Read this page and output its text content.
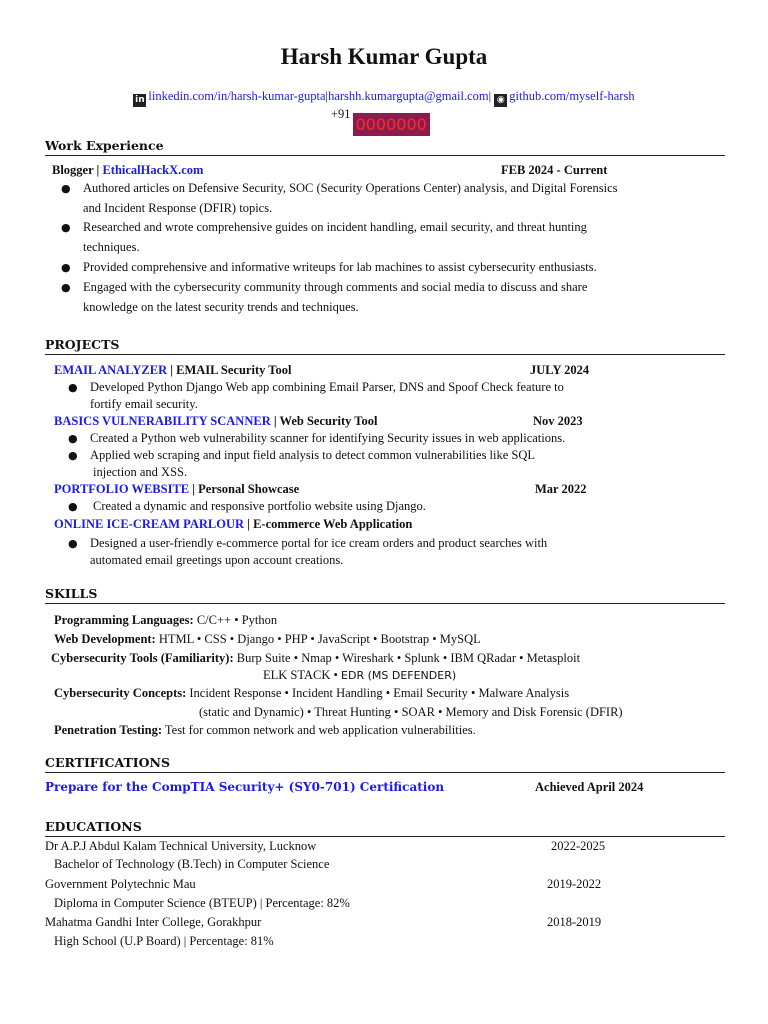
Harsh Kumar Gupta
in linkedin.com/in/harsh-kumar-gupta|harshh.kumargupta@gmail.com| ◉ github.com/myself-harsh
+910000000
Work Experience
Blogger | EthicalHackX.com	FEB 2024 - Current
● Authored articles on Defensive Security, SOC (Security Operations Center) analysis, and Digital Forensics
and Incident Response (DFIR) topics.
● Researched and wrote comprehensive guides on incident handling, email security, and threat hunting
techniques.
● Provided comprehensive and informative writeups for lab machines to assist cybersecurity enthusiasts.
● Engaged with the cybersecurity community through comments and social media to discuss and share
knowledge on the latest security trends and techniques.
PROJECTS
EMAIL ANALYZER | EMAIL Security Tool	JULY 2024
● Developed Python Django Web app combining Email Parser, DNS and Spoof Check feature to
fortify email security.
BASICS VULNERABILITY SCANNER | Web Security Tool	Nov 2023
● Created a Python web vulnerability scanner for identifying Security issues in web applications.
● Applied web scraping and input field analysis to detect common vulnerabilities like SQL
injection and XSS.
PORTFOLIO WEBSITE | Personal Showcase	Mar 2022
● Created a dynamic and responsive portfolio website using Django.
ONLINE ICE-CREAM PARLOUR | E-commerce Web Application
● Designed a user-friendly e-commerce portal for ice cream orders and product searches with
automated email greetings upon account creations.
SKILLS
Programming Languages: C/C++ • Python
Web Development: HTML • CSS • Django • PHP • JavaScript • Bootstrap • MySQL
Cybersecurity Tools (Familiarity): Burp Suite • Nmap • Wireshark • Splunk • IBM QRadar • Metasploit
ELK STACK • EDR (MS DEFENDER)
Cybersecurity Concepts: Incident Response • Incident Handling • Email Security • Malware Analysis
(static and Dynamic) • Threat Hunting • SOAR • Memory and Disk Forensic (DFIR)
Penetration Testing: Test for common network and web application vulnerabilities.
CERTIFICATIONS
Prepare for the CompTIA Security+ (SY0-701) Certification	Achieved April 2024
EDUCATIONS
Dr A.P.J Abdul Kalam Technical University, Lucknow	2022-2025
Bachelor of Technology (B.Tech) in Computer Science
Government Polytechnic Mau	2019-2022
Diploma in Computer Science (BTEUP) | Percentage: 82%
Mahatma Gandhi Inter College, Gorakhpur	2018-2019
High School (U.P Board) | Percentage: 81%
